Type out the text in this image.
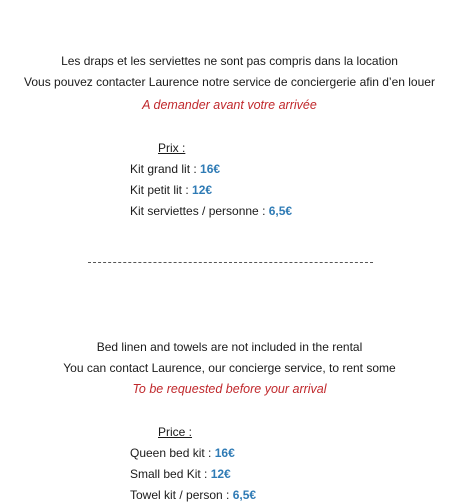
Les draps et les serviettes ne sont pas compris dans la location
Vous pouvez contacter Laurence notre service de conciergerie afin d’en louer
A demander avant votre arrivée
Prix :
Kit grand lit : 16€
Kit petit lit : 12€
Kit serviettes / personne : 6,5€
Bed linen and towels are not included in the rental
You can contact Laurence, our concierge service, to rent some
To be requested before your arrival
Price :
Queen bed kit : 16€
Small bed Kit : 12€
Towel kit / person : 6,5€
